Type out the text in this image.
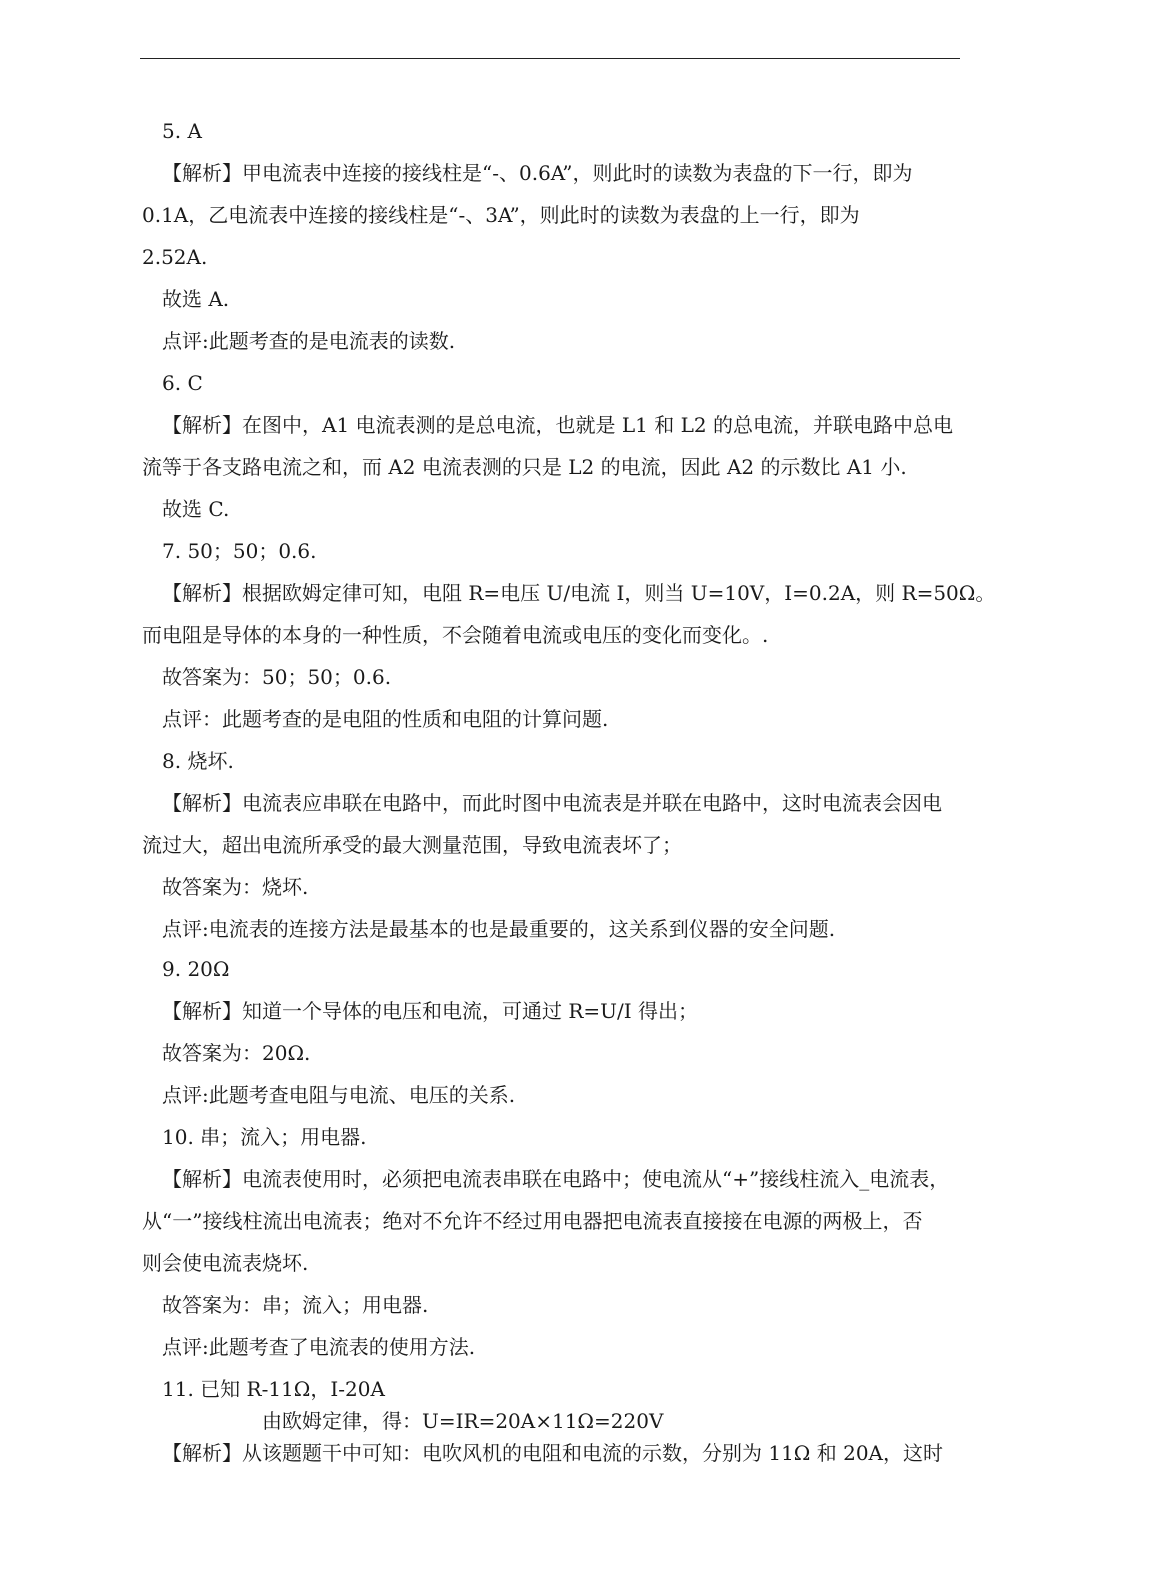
5. A
【解析】甲电流表中连接的接线柱是“-、0.6A”，则此时的读数为表盘的下一行，即为
0.1A，乙电流表中连接的接线柱是“-、3A”，则此时的读数为表盘的上一行，即为
2.52A.
故选 A.
点评:此题考查的是电流表的读数.
6. C
【解析】在图中，A1 电流表测的是总电流，也就是 L1 和 L2 的总电流，并联电路中总电
流等于各支路电流之和，而 A2 电流表测的只是 L2 的电流，因此 A2 的示数比 A1 小.
故选 C.
7. 50；50；0.6.
【解析】根据欧姆定律可知，电阻 R=电压 U/电流 I，则当 U=10V，I=0.2A，则 R=50Ω。
而电阻是导体的本身的一种性质，不会随着电流或电压的变化而变化。.
故答案为：50；50；0.6.
点评：此题考查的是电阻的性质和电阻的计算问题.
8. 烧坏.
【解析】电流表应串联在电路中，而此时图中电流表是并联在电路中，这时电流表会因电
流过大，超出电流所承受的最大测量范围，导致电流表坏了；
故答案为：烧坏.
点评:电流表的连接方法是最基本的也是最重要的，这关系到仪器的安全问题.
9. 20Ω
【解析】知道一个导体的电压和电流，可通过 R=U/I 得出；
故答案为：20Ω.
点评:此题考查电阻与电流、电压的关系.
10. 串；流入；用电器.
【解析】电流表使用时，必须把电流表串联在电路中；使电流从“+”接线柱流入_电流表，
从“一”接线柱流出电流表；绝对不允许不经过用电器把电流表直接接在电源的两极上，否
则会使电流表烧坏.
故答案为：串；流入；用电器.
点评:此题考查了电流表的使用方法.
11. 已知 R-11Ω，I-20A
由欧姆定律，得：U=IR=20A×11Ω=220V
【解析】从该题题干中可知：电吹风机的电阻和电流的示数，分别为 11Ω 和 20A，这时
